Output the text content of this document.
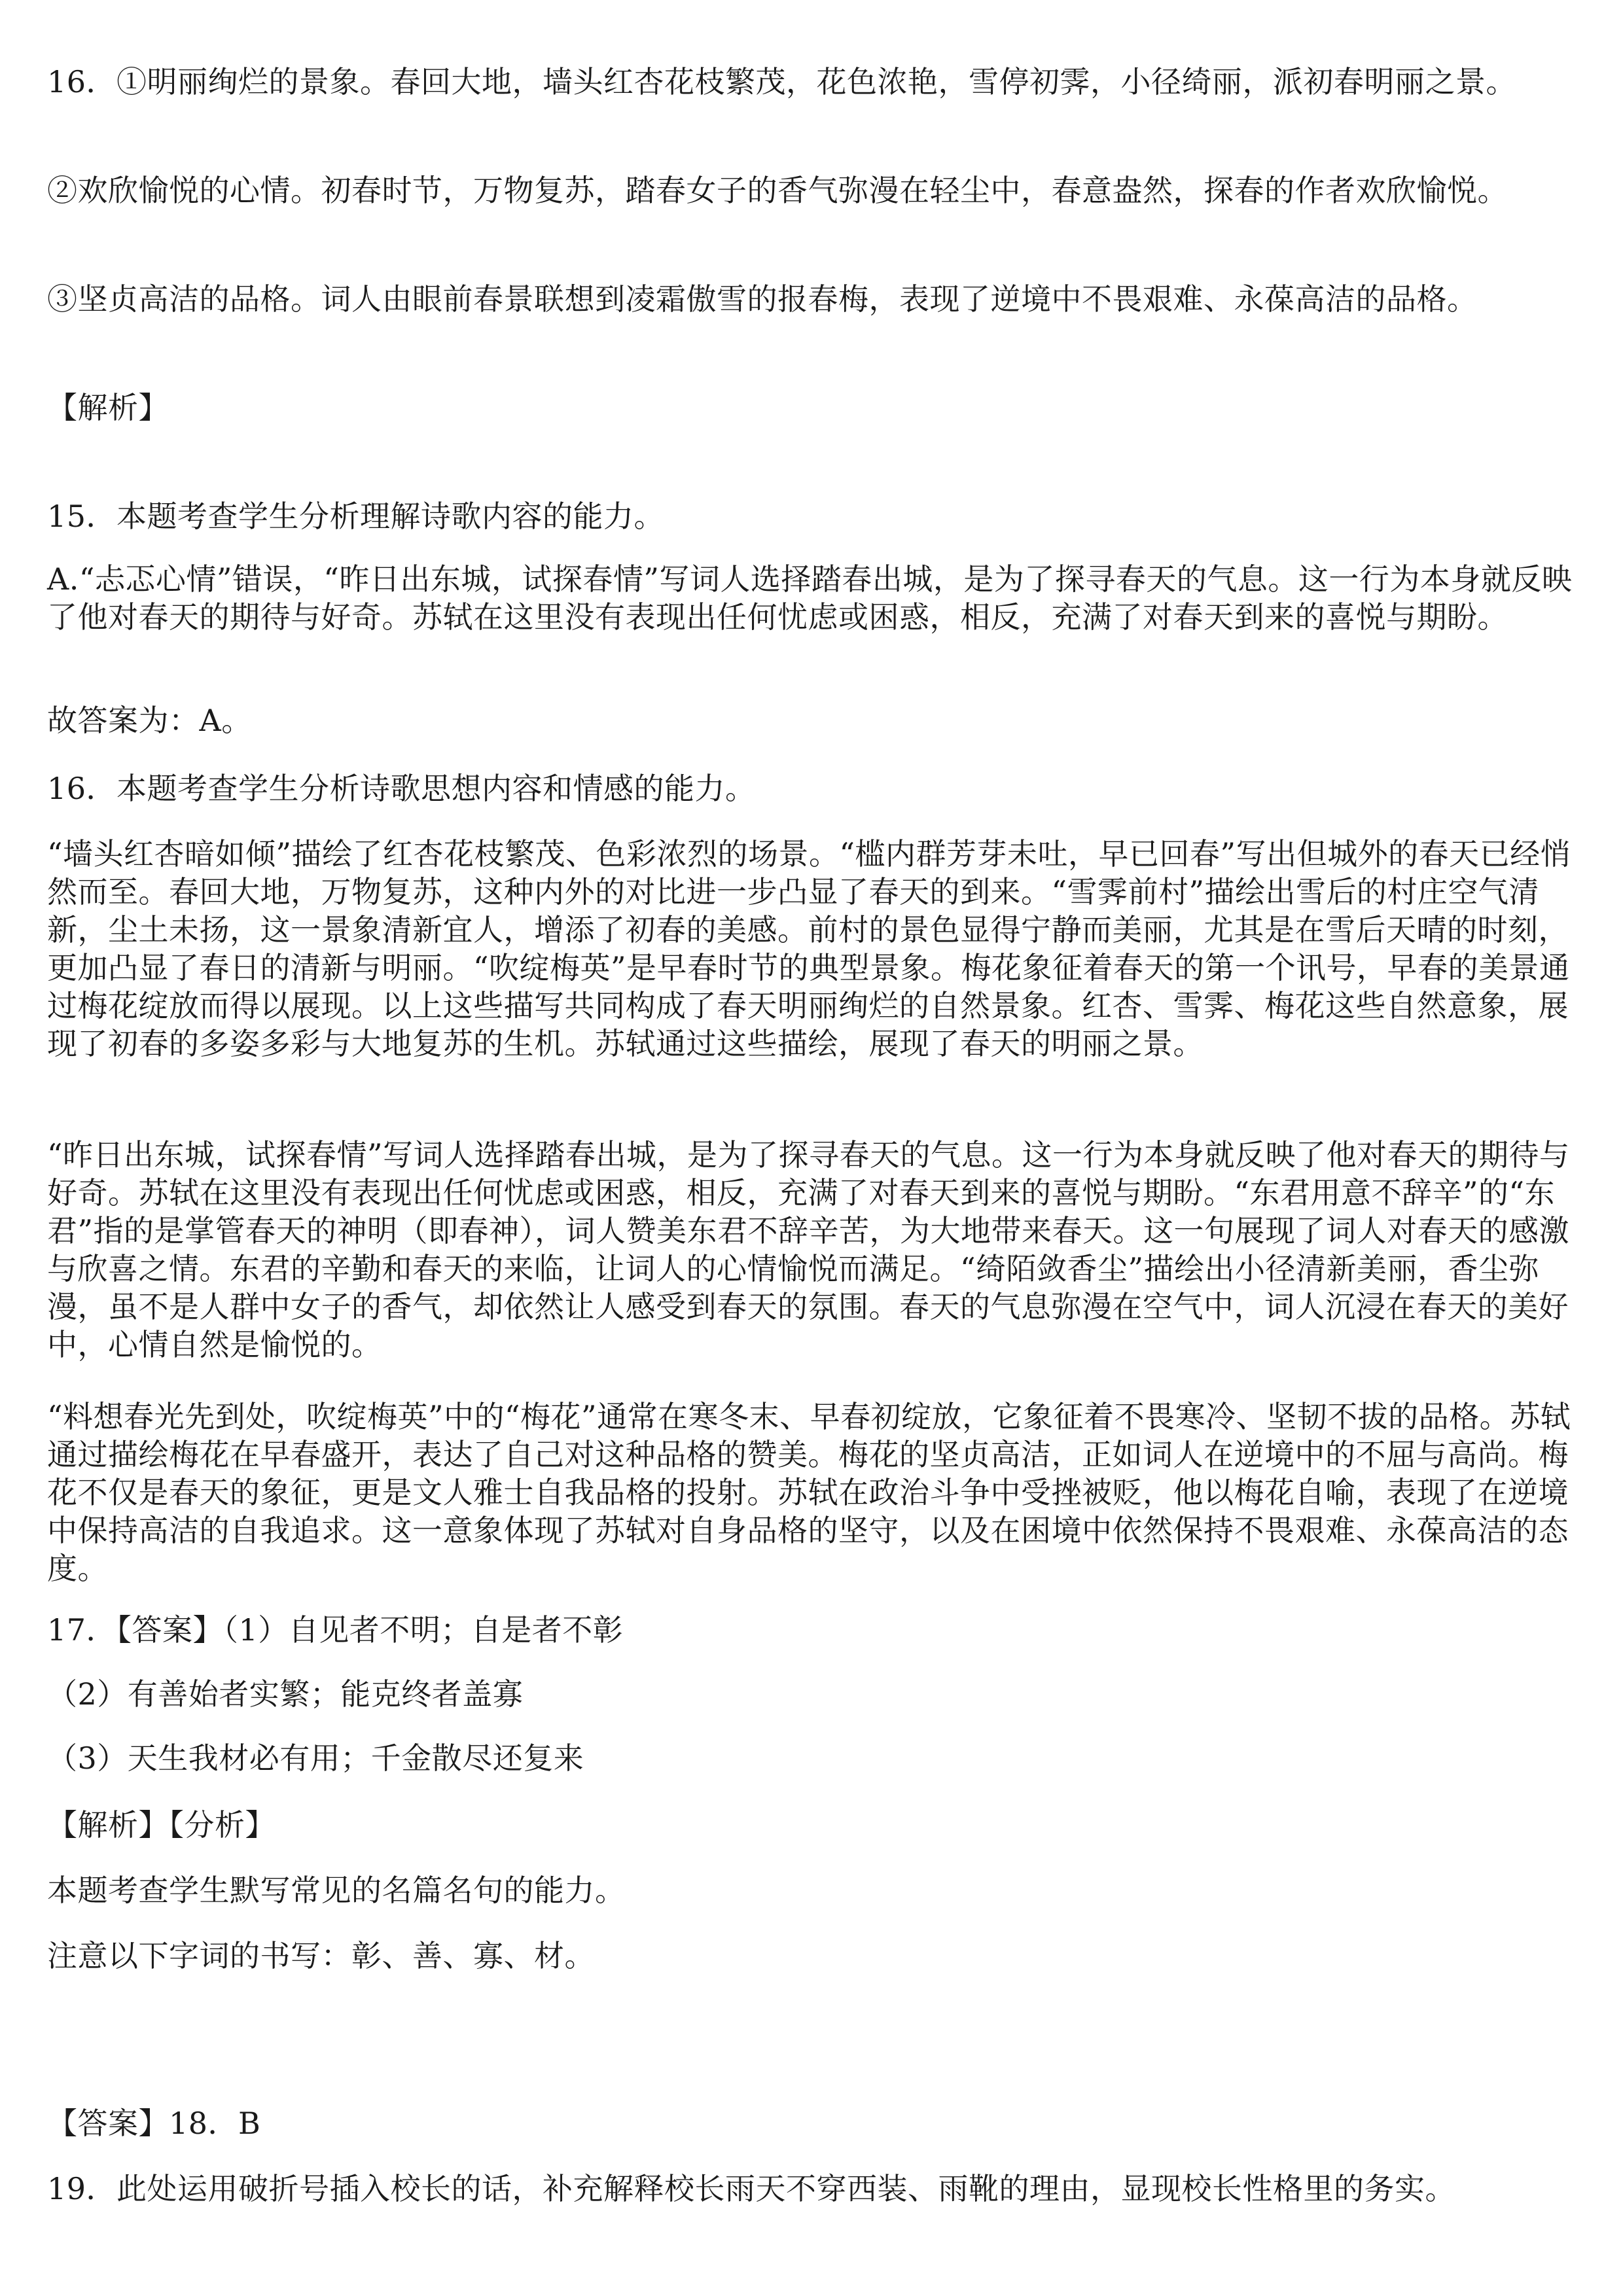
16．①明丽绚烂的景象。春回大地，墙头红杏花枝繁茂，花色浓艳，雪停初霁，小径绮丽，派初春明丽之景。

②欢欣愉悦的心情。初春时节，万物复苏，踏春女子的香气弥漫在轻尘中，春意盎然，探春的作者欢欣愉悦。

③坚贞高洁的品格。词人由眼前春景联想到凌霜傲雪的报春梅，表现了逆境中不畏艰难、永葆高洁的品格。

【解析】

15．本题考查学生分析理解诗歌内容的能力。

A.“忐忑心情”错误，“昨日出东城，试探春情”写词人选择踏春出城，是为了探寻春天的气息。这一行为本身就反映了他对春天的期待与好奇。苏轼在这里没有表现出任何忧虑或困惑，相反，充满了对春天到来的喜悦与期盼。

故答案为：A。

16．本题考查学生分析诗歌思想内容和情感的能力。

“墙头红杏暗如倾”描绘了红杏花枝繁茂、色彩浓烈的场景。“槛内群芳芽未吐，早已回春”写出但城外的春天已经悄然而至。春回大地，万物复苏，这种内外的对比进一步凸显了春天的到来。“雪霁前村”描绘出雪后的村庄空气清新，尘土未扬，这一景象清新宜人，增添了初春的美感。前村的景色显得宁静而美丽，尤其是在雪后天晴的时刻，更加凸显了春日的清新与明丽。“吹绽梅英”是早春时节的典型景象。梅花象征着春天的第一个讯号，早春的美景通过梅花绽放而得以展现。以上这些描写共同构成了春天明丽绚烂的自然景象。红杏、雪霁、梅花这些自然意象，展现了初春的多姿多彩与大地复苏的生机。苏轼通过这些描绘，展现了春天的明丽之景。

“昨日出东城，试探春情”写词人选择踏春出城，是为了探寻春天的气息。这一行为本身就反映了他对春天的期待与好奇。苏轼在这里没有表现出任何忧虑或困惑，相反，充满了对春天到来的喜悦与期盼。“东君用意不辞辛”的“东君”指的是掌管春天的神明（即春神），词人赞美东君不辞辛苦，为大地带来春天。这一句展现了词人对春天的感激与欣喜之情。东君的辛勤和春天的来临，让词人的心情愉悦而满足。“绮陌敛香尘”描绘出小径清新美丽，香尘弥漫，虽不是人群中女子的香气，却依然让人感受到春天的氛围。春天的气息弥漫在空气中，词人沉浸在春天的美好中，心情自然是愉悦的。

“料想春光先到处，吹绽梅英”中的“梅花”通常在寒冬末、早春初绽放，它象征着不畏寒冷、坚韧不拔的品格。苏轼通过描绘梅花在早春盛开，表达了自己对这种品格的赞美。梅花的坚贞高洁，正如词人在逆境中的不屈与高尚。梅花不仅是春天的象征，更是文人雅士自我品格的投射。苏轼在政治斗争中受挫被贬，他以梅花自喻，表现了在逆境中保持高洁的自我追求。这一意象体现了苏轼对自身品格的坚守，以及在困境中依然保持不畏艰难、永葆高洁的态度。

17．【答案】（1）自见者不明；自是者不彰

（2）有善始者实繁；能克终者盖寡

（3）天生我材必有用；千金散尽还复来

【解析】【分析】

本题考查学生默写常见的名篇名句的能力。

注意以下字词的书写：彰、善、寡、材。

【答案】18．B

19．此处运用破折号插入校长的话，补充解释校长雨天不穿西装、雨靴的理由，显现校长性格里的务实。
